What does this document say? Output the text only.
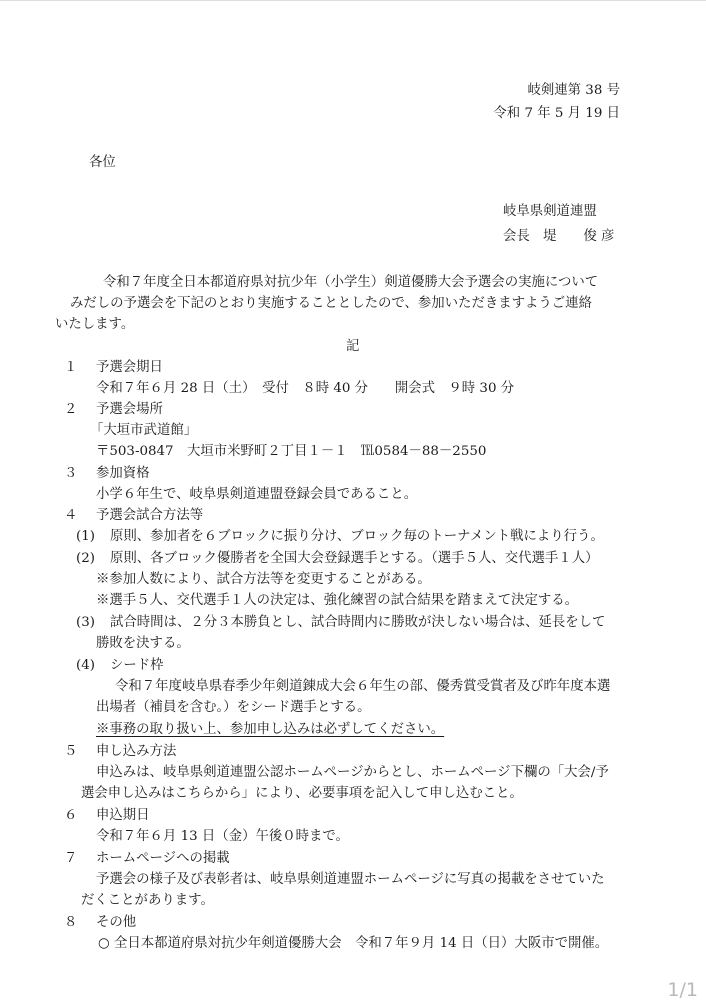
岐剣連第 38 号
令和 7 年 5 月 19 日
各位
岐阜県剣道連盟
会長　堤　　俊 彦
令和７年度全日本都道府県対抗少年（小学生）剣道優勝大会予選会の実施について
みだしの予選会を下記のとおり実施することとしたので、参加いただきますようご連絡
いたします。
記
１ 予選会期日
令和７年６月 28 日（土）　受付　８時 40 分　　開会式　９時 30 分
２ 予選会場所
「大垣市武道館」
〒503-0847　大垣市米野町２丁目１－１　℡0584－88－2550
３ 参加資格
小学６年生で、岐阜県剣道連盟登録会員であること。
４ 予選会試合方法等
(1) 原則、参加者を６ブロックに振り分け、ブロック毎のトーナメント戦により行う。
(2) 原則、各ブロック優勝者を全国大会登録選手とする。（選手５人、交代選手１人）
※参加人数により、試合方法等を変更することがある。
※選手５人、交代選手１人の決定は、強化練習の試合結果を踏まえて決定する。
(3) 試合時間は、２分３本勝負とし、試合時間内に勝敗が決しない場合は、延長をして
勝敗を決する。
(4) シード枠
令和７年度岐阜県春季少年剣道錬成大会６年生の部、優秀賞受賞者及び昨年度本選
出場者（補員を含む。）をシード選手とする。
※事務の取り扱い上、参加申し込みは必ずしてください。
５ 申し込み方法
申込みは、岐阜県剣道連盟公認ホームページからとし、ホームページ下欄の「大会/予
選会申し込みはこちらから」により、必要事項を記入して申し込むこと。
６ 申込期日
令和７年６月 13 日（金）午後０時まで。
７ ホームページへの掲載
予選会の様子及び表彰者は、岐阜県剣道連盟ホームページに写真の掲載をさせていた
だくことがあります。
８ その他
○ 全日本都道府県対抗少年剣道優勝大会　令和７年９月 14 日（日）大阪市で開催。
1/1
